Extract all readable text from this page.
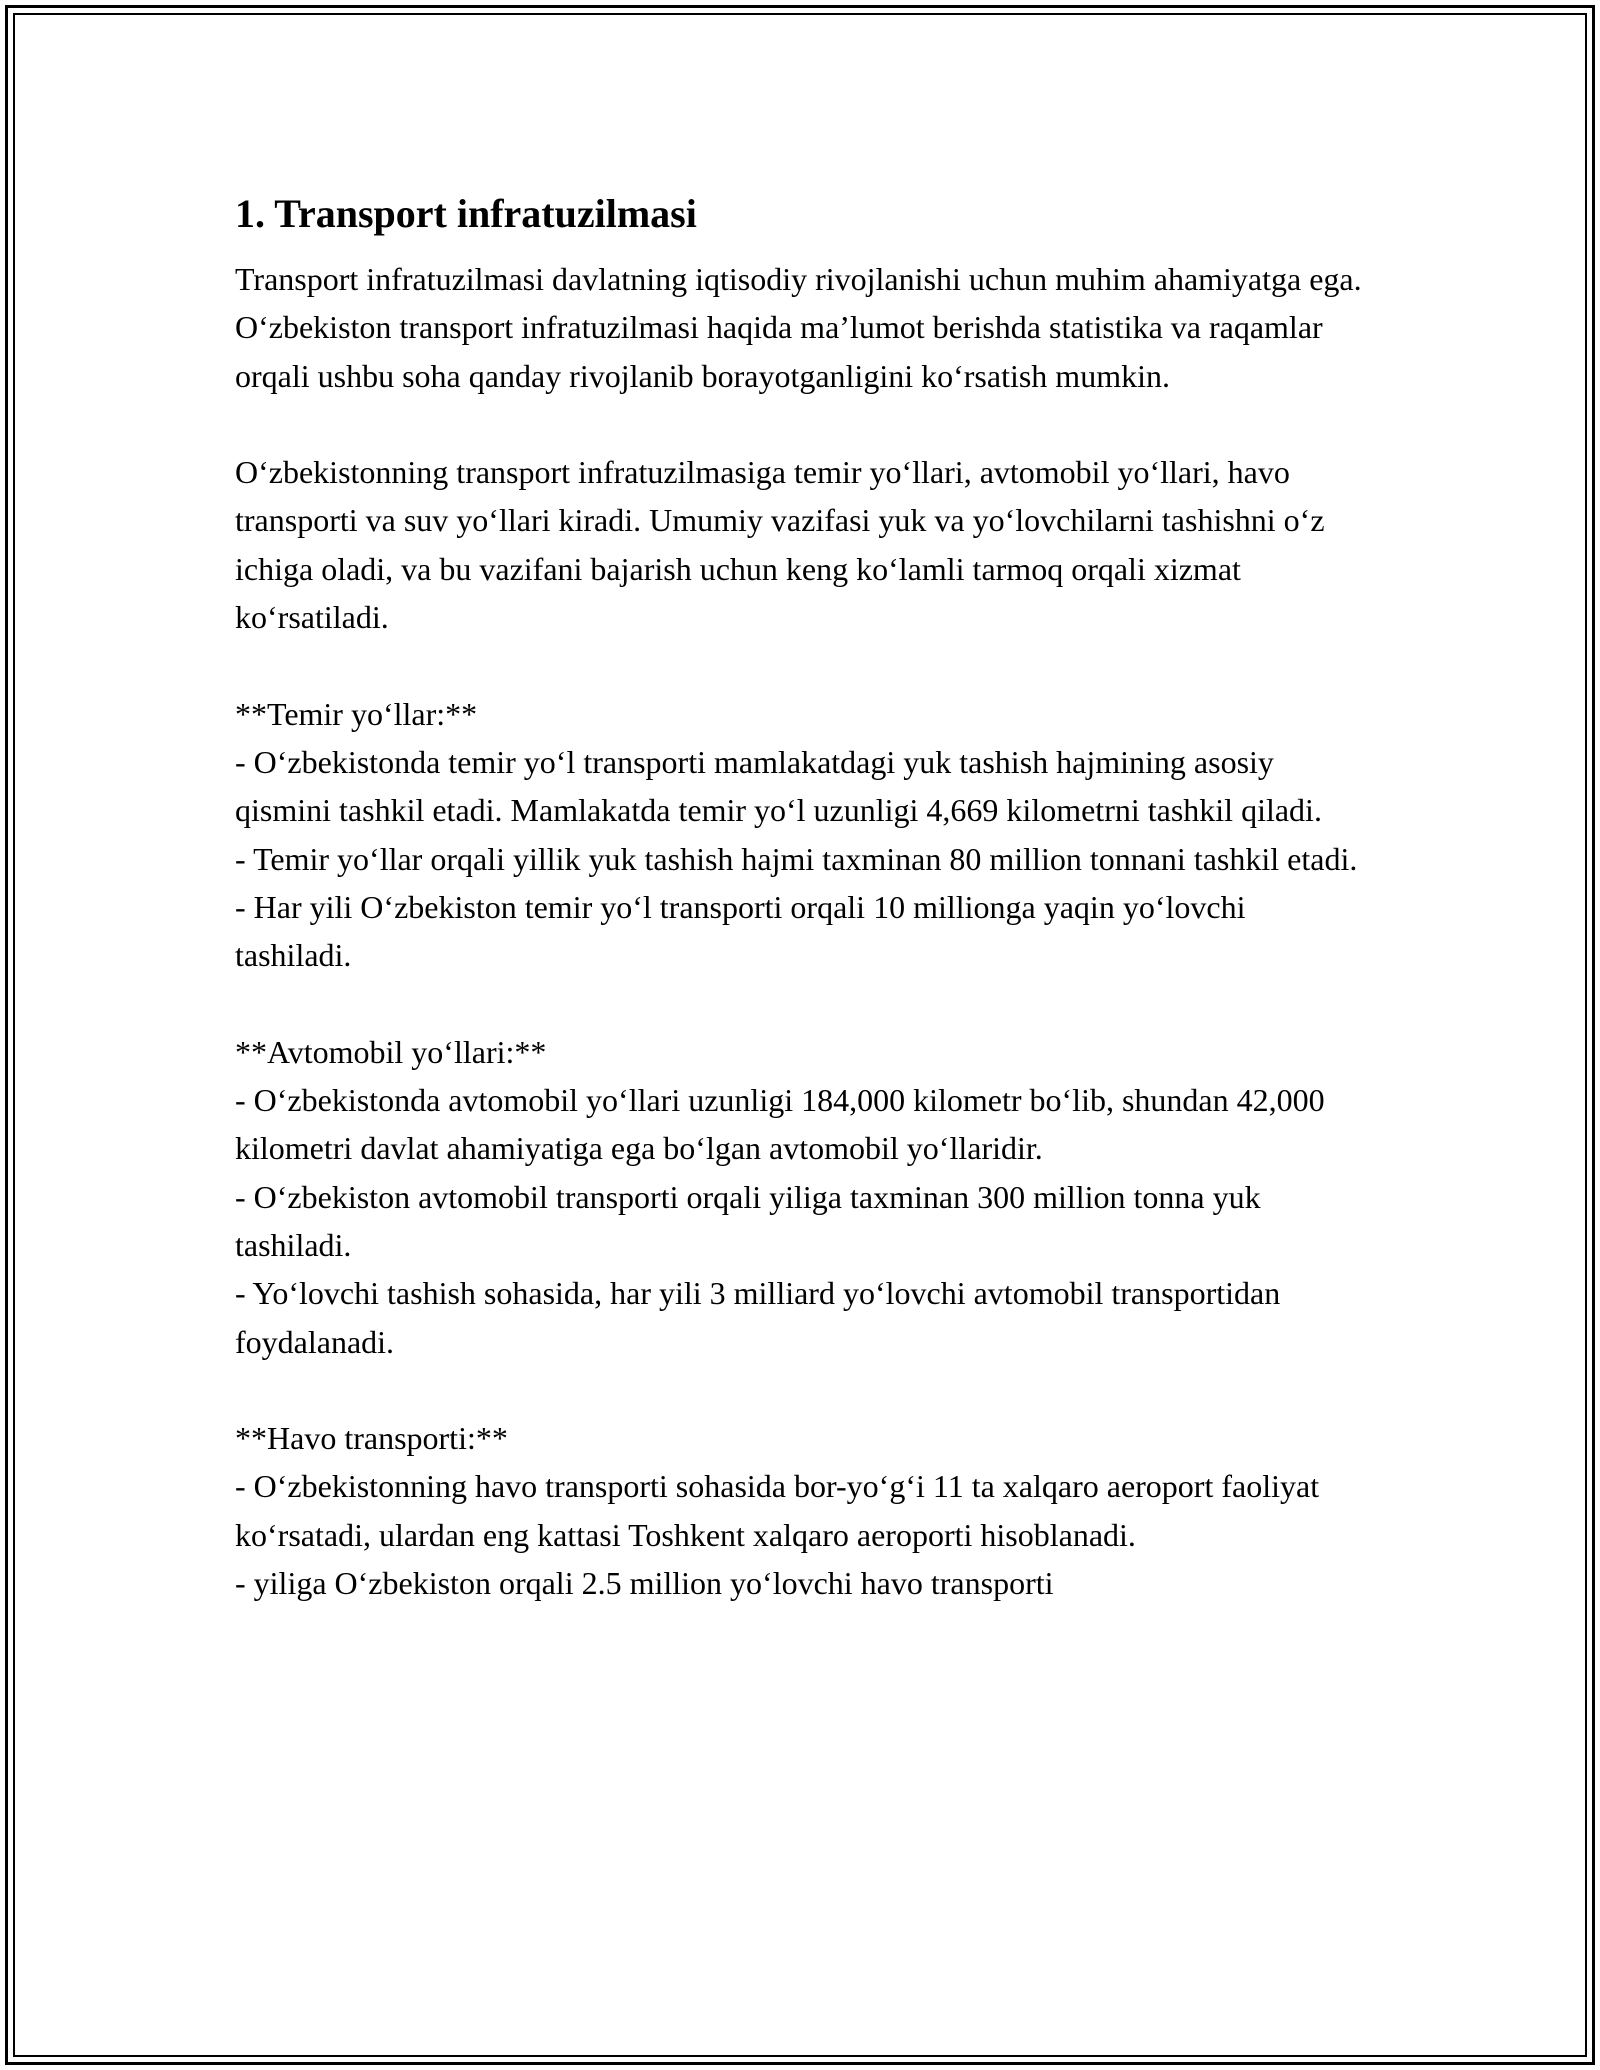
1. Transport infratuzilmasi
Transport infratuzilmasi davlatning iqtisodiy rivojlanishi uchun muhim ahamiyatga ega. O‘zbekiston transport infratuzilmasi haqida ma’lumot berishda statistika va raqamlar orqali ushbu soha qanday rivojlanib borayotganligini ko‘rsatish mumkin.
O‘zbekistonning transport infratuzilmasiga temir yo‘llari, avtomobil yo‘llari, havo transporti va suv yo‘llari kiradi. Umumiy vazifasi yuk va yo‘lovchilarni tashishni o‘z ichiga oladi, va bu vazifani bajarish uchun keng ko‘lamli tarmoq orqali xizmat ko‘rsatiladi.
**Temir yo‘llar:**
- O‘zbekistonda temir yo‘l transporti mamlakatdagi yuk tashish hajmining asosiy qismini tashkil etadi. Mamlakatda temir yo‘l uzunligi 4,669 kilometrni tashkil qiladi.
- Temir yo‘llar orqali yillik yuk tashish hajmi taxminan 80 million tonnani tashkil etadi.
- Har yili O‘zbekiston temir yo‘l transporti orqali 10 millionga yaqin yo‘lovchi tashiladi.
**Avtomobil yo‘llari:**
- O‘zbekistonda avtomobil yo‘llari uzunligi 184,000 kilometr bo‘lib, shundan 42,000 kilometri davlat ahamiyatiga ega bo‘lgan avtomobil yo‘llaridir.
- O‘zbekiston avtomobil transporti orqali yiliga taxminan 300 million tonna yuk tashiladi.
- Yo‘lovchi tashish sohasida, har yili 3 milliard yo‘lovchi avtomobil transportidan foydalanadi.
**Havo transporti:**
- O‘zbekistonning havo transporti sohasida bor-yo‘g‘i 11 ta xalqaro aeroport faoliyat ko‘rsatadi, ulardan eng kattasi Toshkent xalqaro aeroporti hisoblanadi.
- yiliga O‘zbekiston orqali 2.5 million yo‘lovchi havo transporti
